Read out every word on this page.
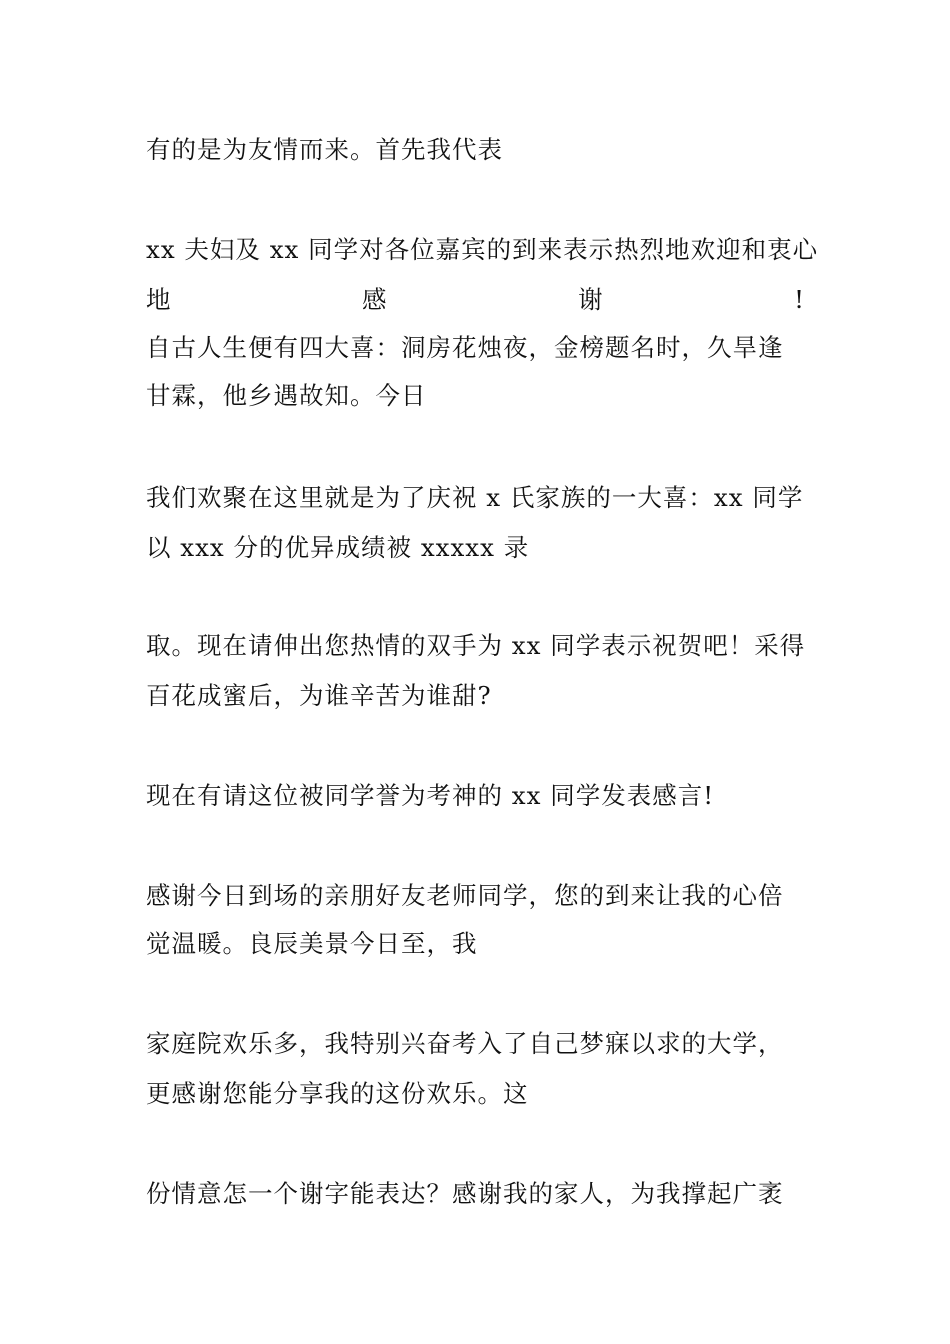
有的是为友情而来。首先我代表
xx 夫妇及 xx 同学对各位嘉宾的到来表示热烈地欢迎和衷心
地	感	谢	!
自古人生便有四大喜：洞房花烛夜，金榜题名时，久旱逢
甘霖，他乡遇故知。今日
我们欢聚在这里就是为了庆祝 x 氏家族的一大喜：xx 同学
以 xxx 分的优异成绩被 xxxxx 录
取。现在请伸出您热情的双手为 xx 同学表示祝贺吧！采得
百花成蜜后，为谁辛苦为谁甜?
现在有请这位被同学誉为考神的 xx 同学发表感言!
感谢今日到场的亲朋好友老师同学，您的到来让我的心倍
觉温暖。良辰美景今日至，我
家庭院欢乐多，我特别兴奋考入了自己梦寐以求的大学，
更感谢您能分享我的这份欢乐。这
份情意怎一个谢字能表达？感谢我的家人，为我撑起广袤
